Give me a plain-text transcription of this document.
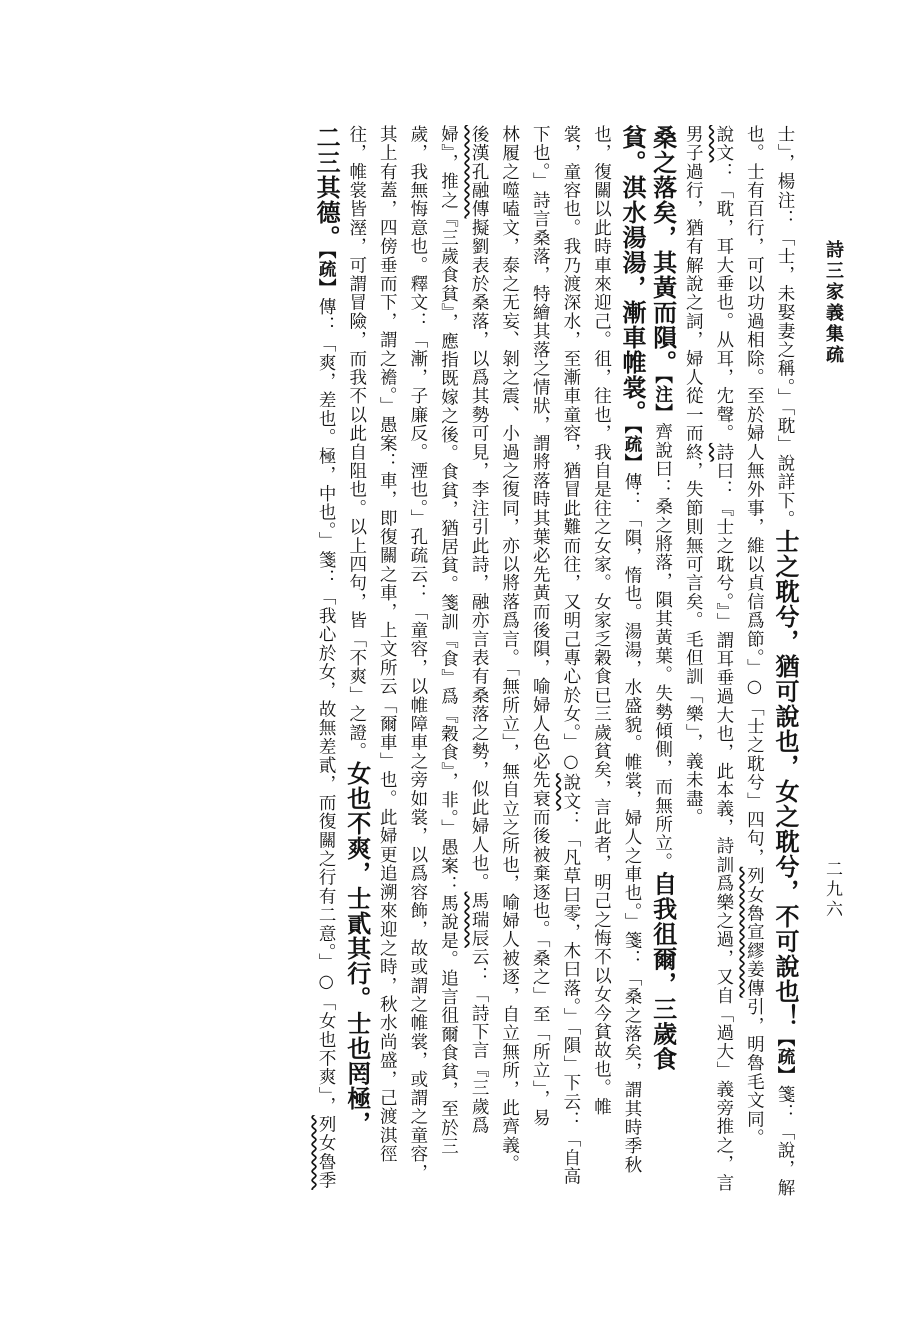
詩三家義集疏
二九六
士」，楊注：「士，未娶妻之稱。」「耽」說詳下。士之耽兮，猶可說也，女之耽兮，不可說也！【疏】箋：「說，解
也。士有百行，可以功過相除。至於婦人無外事，維以貞信爲節。」○「士之耽兮」四句，列女魯宣繆姜傳引，明魯毛文同。
說文：「耽，耳大垂也。从耳，冘聲。詩曰：『士之耽兮。』」謂耳垂過大也，此本義，詩訓爲樂之過，又自「過大」義旁推之，言
男子過行，猶有解說之詞，婦人從一而終，失節則無可言矣。毛但訓「樂」，義未盡。
桑之落矣，其黃而隕。【注】齊說曰：桑之將落，隕其黃葉。失勢傾側，而無所立。自我徂爾，三歲食
貧。淇水湯湯，漸車帷裳。【疏】傳：「隕，惰也。湯湯，水盛貌。帷裳，婦人之車也。」箋：「桑之落矣，謂其時季秋
也，復關以此時車來迎己。徂，往也，我自是往之女家。女家乏穀食已三歲貧矣，言此者，明己之悔不以女今貧故也。帷
裳，童容也。我乃渡深水，至漸車童容，猶冒此難而往，又明己專心於女。」○說文：「凡草曰零，木曰落。」「隕」下云：「自高
下也。」詩言桑落，特繪其落之情狀，謂將落時其葉必先黃而後隕，喻婦人色必先衰而後被棄逐也。「桑之」至「所立」，易
林履之噬嗑文，泰之无妄、剝之震、小過之復同，亦以將落爲言。「無所立」，無自立之所也，喻婦人被逐，自立無所，此齊義。
後漢孔融傳擬劉表於桑落，以爲其勢可見，李注引此詩，融亦言表有桑落之勢，似此婦人也。馬瑞辰云：「詩下言『三歲爲
婦』，推之『三歲食貧』，應指既嫁之後。食貧，猶居貧。箋訓『食』爲『穀食』，非。」愚案：馬說是。追言徂爾食貧，至於三
歲，我無悔意也。釋文：「漸，子廉反。湮也。」孔疏云：「童容，以帷障車之旁如裳，以爲容飾，故或謂之帷裳，或謂之童容，
其上有蓋，四傍垂而下，謂之襜。」愚案：車，即復關之車，上文所云「爾車」也。此婦更追溯來迎之時，秋水尚盛，己渡淇徑
往，帷裳皆溼，可謂冒險，而我不以此自阻也。以上四句，皆「不爽」之證。女也不爽，士貳其行。士也罔極，
二三其德。【疏】傳：「爽，差也。極，中也。」箋：「我心於女，故無差貳，而復關之行有二意。」○「女也不爽」，列女魯季
